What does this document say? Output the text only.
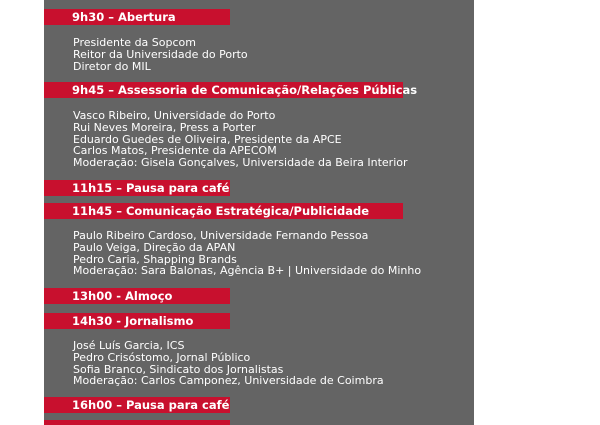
9h30 – Abertura
Presidente da Sopcom
Reitor da Universidade do Porto
Diretor do MIL
9h45 – Assessoria de Comunicação/Relações Públicas
Vasco Ribeiro, Universidade do Porto
Rui Neves Moreira, Press a Porter
Eduardo Guedes de Oliveira, Presidente da APCE
Carlos Matos, Presidente da APECOM
Moderação: Gisela Gonçalves, Universidade da Beira Interior
11h15 – Pausa para café
11h45 – Comunicação Estratégica/Publicidade
Paulo Ribeiro Cardoso, Universidade Fernando Pessoa
Paulo Veiga, Direção da APAN
Pedro Caria, Shapping Brands
Moderação: Sara Balonas, Agência B+ | Universidade do Minho
13h00 - Almoço
14h30 - Jornalismo
José Luís Garcia, ICS
Pedro Crisóstomo, Jornal Público
Sofia Branco, Sindicato dos Jornalistas
Moderação: Carlos Camponez, Universidade de Coimbra
16h00 – Pausa para café
